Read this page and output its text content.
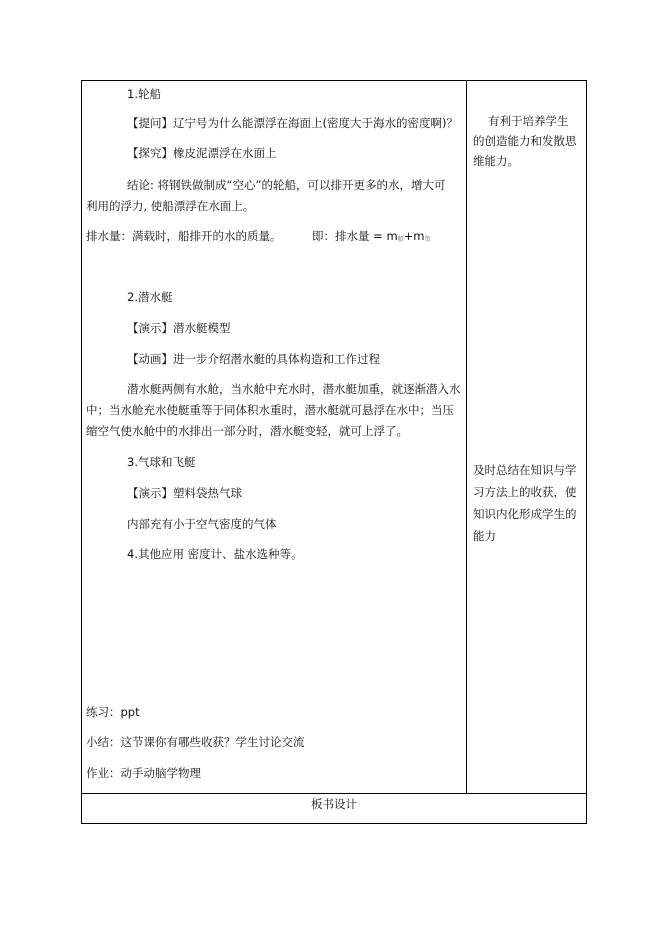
1.轮船
【提问】辽宁号为什么能漂浮在海面上(密度大于海水的密度啊)？
【探究】橡皮泥漂浮在水面上
结论: 将钢铁做制成“空心”的轮船，可以排开更多的水，增大可
利用的浮力, 使船漂浮在水面上。
排水量：满载时，船排开的水的质量。	即：排水量 = m船+m货
2.潜水艇
【演示】潜水艇模型
【动画】进一步介绍潜水艇的具体构造和工作过程
潜水艇两侧有水舱，当水舱中充水时，潜水艇加重，就逐渐潜入水
中；当水舱充水使艇重等于同体积水重时，潜水艇就可悬浮在水中；当压
缩空气使水舱中的水排出一部分时，潜水艇变轻，就可上浮了。
3.气球和飞艇
【演示】塑料袋热气球
内部充有小于空气密度的气体
4.其他应用 密度计、盐水选种等。
练习：ppt
小结：这节课你有哪些收获？学生讨论交流
作业：动手动脑学物理
有利于培养学生
的创造能力和发散思
维能力。
及时总结在知识与学
习方法上的收获，使
知识内化形成学生的
能力
板书设计
